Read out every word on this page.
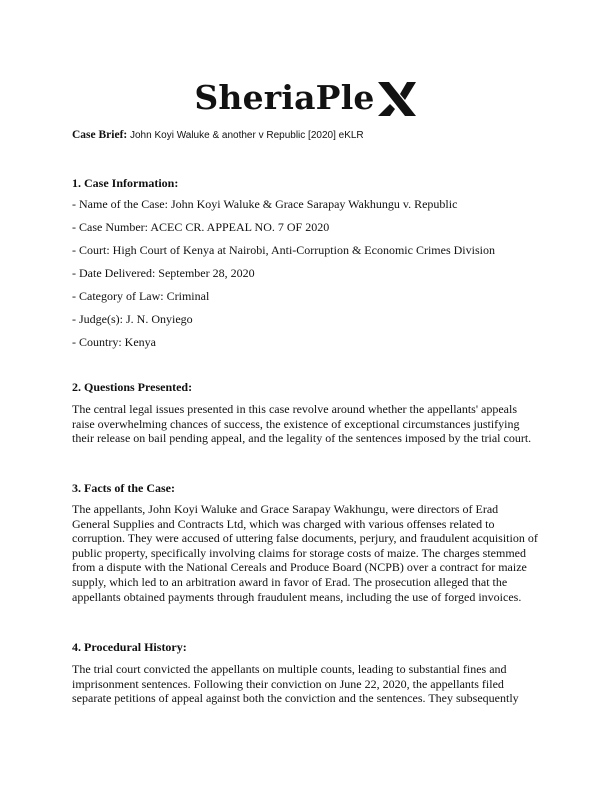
SheriaPle
Case Brief: John Koyi Waluke & another v Republic [2020] eKLR
1. Case Information:
- Name of the Case: John Koyi Waluke & Grace Sarapay Wakhungu v. Republic
- Case Number: ACEC CR. APPEAL NO. 7 OF 2020
- Court: High Court of Kenya at Nairobi, Anti-Corruption & Economic Crimes Division
- Date Delivered: September 28, 2020
- Category of Law: Criminal
- Judge(s): J. N. Onyiego
- Country: Kenya
2. Questions Presented:
The central legal issues presented in this case revolve around whether the appellants' appeals
raise overwhelming chances of success, the existence of exceptional circumstances justifying
their release on bail pending appeal, and the legality of the sentences imposed by the trial court.
3. Facts of the Case:
The appellants, John Koyi Waluke and Grace Sarapay Wakhungu, were directors of Erad
General Supplies and Contracts Ltd, which was charged with various offenses related to
corruption. They were accused of uttering false documents, perjury, and fraudulent acquisition of
public property, specifically involving claims for storage costs of maize. The charges stemmed
from a dispute with the National Cereals and Produce Board (NCPB) over a contract for maize
supply, which led to an arbitration award in favor of Erad. The prosecution alleged that the
appellants obtained payments through fraudulent means, including the use of forged invoices.
4. Procedural History:
The trial court convicted the appellants on multiple counts, leading to substantial fines and
imprisonment sentences. Following their conviction on June 22, 2020, the appellants filed
separate petitions of appeal against both the conviction and the sentences. They subsequently
